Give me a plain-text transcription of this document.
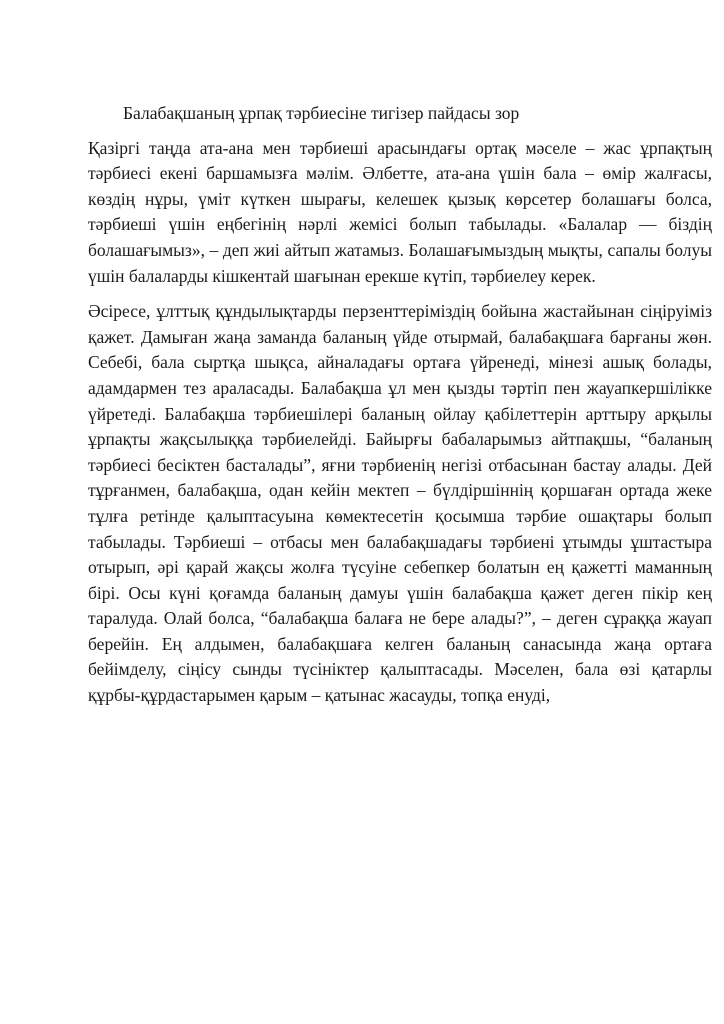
Балабақшаның ұрпақ тәрбиесіне тигізер пайдасы зор

Қазіргі таңда ата-ана мен тәрбиеші арасындағы ортақ мәселе – жас ұрпақтың тәрбиесі екені баршамызға мәлім. Әлбетте, ата-ана үшін бала – өмір жалғасы, көздің нұры, үміт күткен шырағы, келешек қызық көрсетер болашағы болса, тәрбиеші үшін еңбегінің нәрлі жемісі болып табылады. «Балалар — біздің болашағымыз», – деп жиі айтып жатамыз. Болашағымыздың мықты, сапалы болуы үшін балаларды кішкентай шағынан ерекше күтіп, тәрбиелеу керек.

Әсіресе, ұлттық құндылықтарды перзенттеріміздің бойына жастайынан сіңіруіміз қажет. Дамыған жаңа заманда баланың үйде отырмай, балабақшаға барғаны жөн. Себебі, бала сыртқа шықса, айналадағы ортаға үйренеді, мінезі ашық болады, адамдармен тез араласады. Балабақша ұл мен қызды тәртіп пен жауапкершілікке үйретеді. Балабақша тәрбиешілері баланың ойлау қабілеттерін арттыру арқылы ұрпақты жақсылыққа тәрбиелейді. Байырғы бабаларымыз айтпақшы, “баланың тәрбиесі бесіктен басталады”, яғни тәрбиенің негізі отбасынан бастау алады. Дей тұрғанмен, балабақша, одан кейін мектеп – бүлдіршіннің қоршаған ортада жеке тұлға ретінде қалыптасуына көмектесетін қосымша тәрбие ошақтары болып табылады. Тәрбиеші – отбасы мен балабақшадағы тәрбиені ұтымды ұштастыра отырып, әрі қарай жақсы жолға түсуіне себепкер болатын ең қажетті маманның бірі. Осы күні қоғамда баланың дамуы үшін балабақша қажет деген пікір кең таралуда. Олай болса, “балабақша балаға не бере алады?”, – деген сұраққа жауап берейін. Ең алдымен, балабақшаға келген баланың санасында жаңа ортаға бейімделу, сіңісу сынды түсініктер қалыптасады. Мәселен, бала өзі қатарлы құрбы-құрдастарымен қарым – қатынас жасауды, топқа енуді,
